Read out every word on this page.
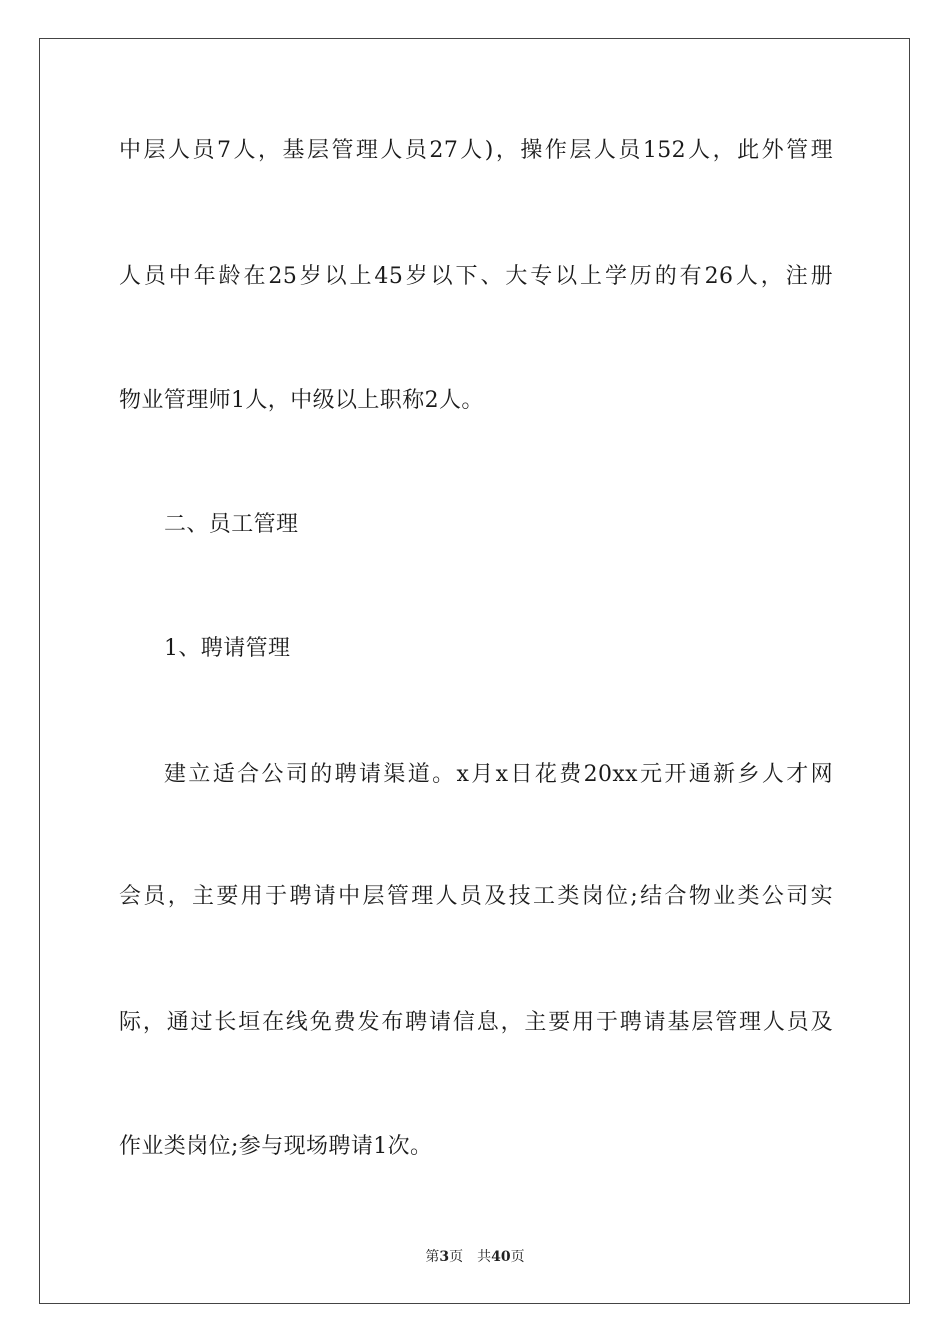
中层人员7人，基层管理人员27人)，操作层人员152人，此外管理
人员中年龄在25岁以上45岁以下、大专以上学历的有26人，注册
物业管理师1人，中级以上职称2人。
二、员工管理
1、聘请管理
建立适合公司的聘请渠道。x月x日花费20xx元开通新乡人才网
会员，主要用于聘请中层管理人员及技工类岗位;结合物业类公司实
际，通过长垣在线免费发布聘请信息，主要用于聘请基层管理人员及
作业类岗位;参与现场聘请1次。
第3页 共40页
